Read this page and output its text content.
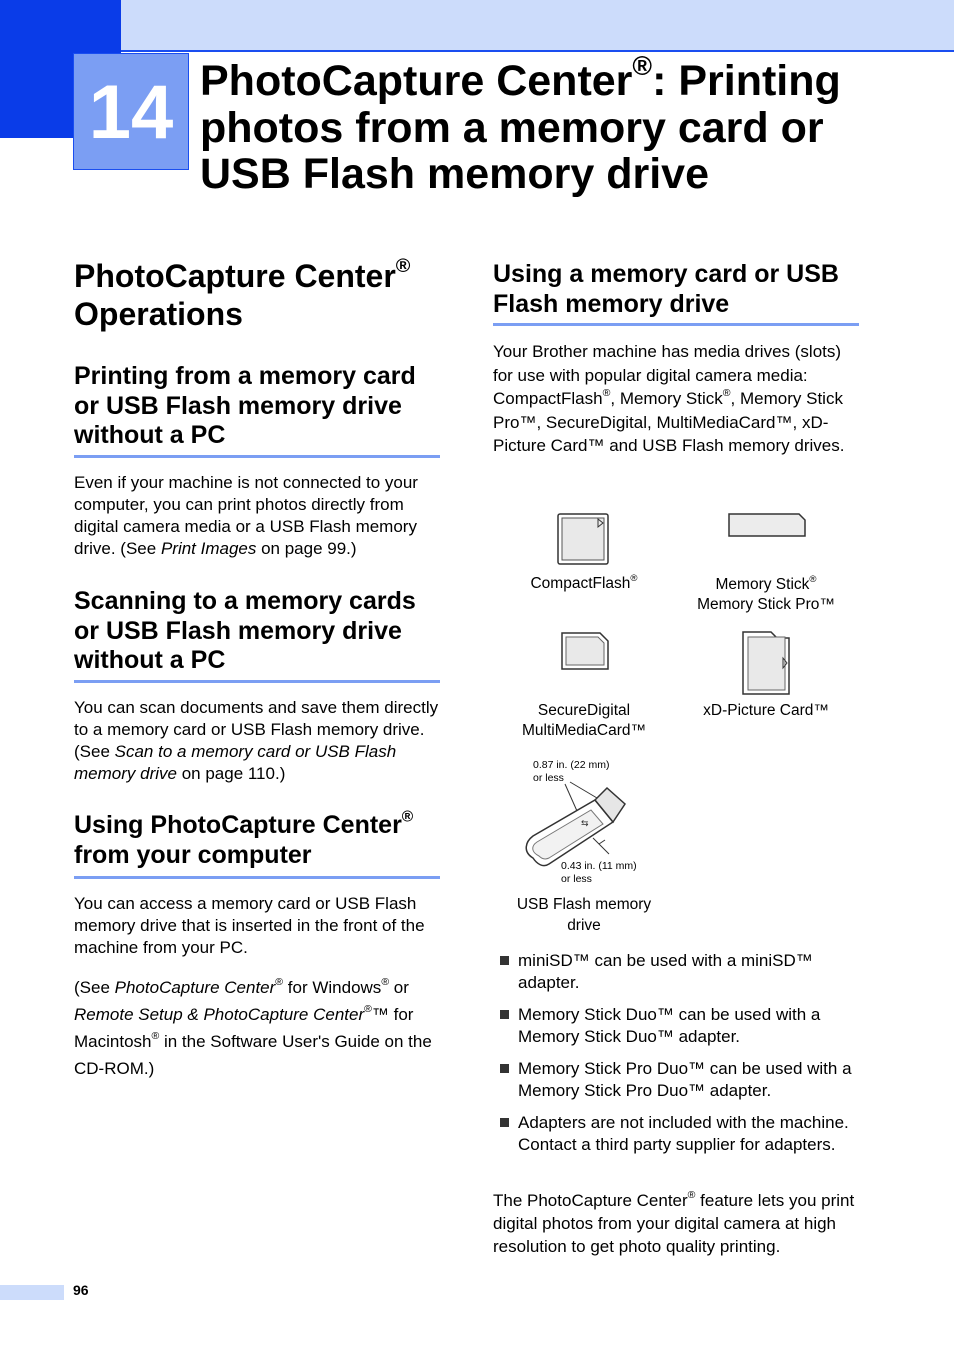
14 PhotoCapture Center®: Printing
photos from a memory card or
USB Flash memory drive
PhotoCapture Center®
Operations
Printing from a memory card
or USB Flash memory drive
without a PC

Even if your machine is not connected to your computer, you can print photos directly from digital camera media or a USB Flash memory drive. (See Print Images on page 99.)

Scanning to a memory cards
or USB Flash memory drive
without a PC

You can scan documents and save them directly to a memory card or USB Flash memory drive. (See Scan to a memory card or USB Flash memory drive on page 110.)

Using PhotoCapture Center®
from your computer

You can access a memory card or USB Flash memory drive that is inserted in the front of the machine from your PC.

(See PhotoCapture Center® for Windows® or Remote Setup & PhotoCapture Center®™ for Macintosh® in the Software User's Guide on the CD-ROM.)

Using a memory card or USB
Flash memory drive

Your Brother machine has media drives (slots) for use with popular digital camera media: CompactFlash®, Memory Stick®, Memory Stick Pro™, SecureDigital, MultiMediaCard™, xD-Picture Card™ and USB Flash memory drives.

CompactFlash®	Memory Stick®
Memory Stick Pro™
SecureDigital
MultiMediaCard™
xD-Picture Card™
⇆
0.87 in. (22 mm)
or less
0.43 in. (11 mm)
or less
USB Flash memory
drive
miniSD™ can be used with a miniSD™ adapter.
Memory Stick Duo™ can be used with a Memory Stick Duo™ adapter.
Memory Stick Pro Duo™ can be used with a Memory Stick Pro Duo™ adapter.
Adapters are not included with the machine. Contact a third party supplier for adapters.

The PhotoCapture Center® feature lets you print digital photos from your digital camera at high resolution to get photo quality printing.

96
